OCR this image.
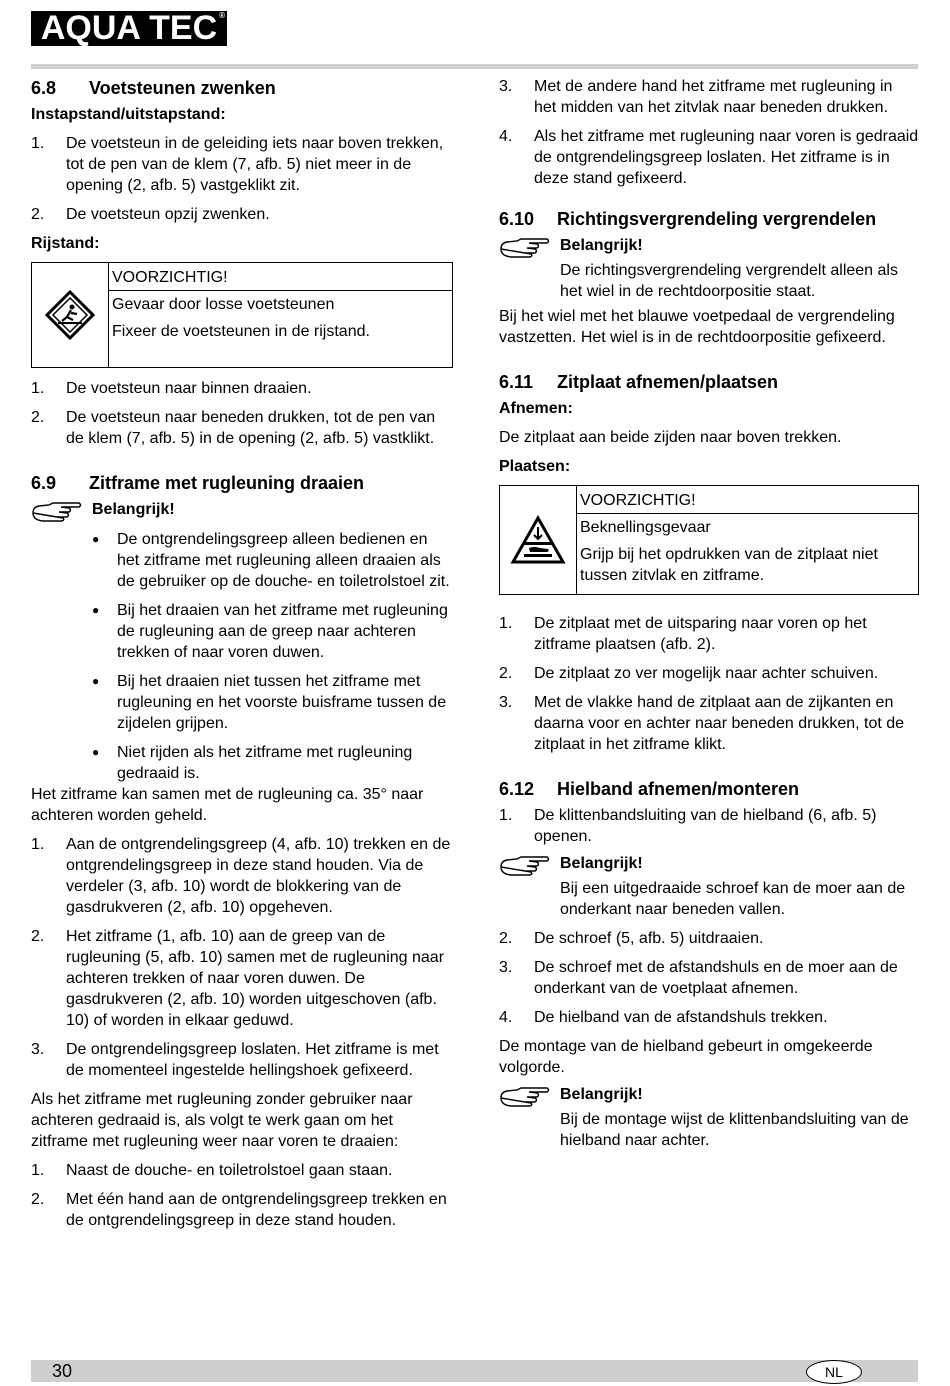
AQUA TEC ®
6.8	Voetsteunen zwenken

Instapstand/uitstapstand:

1.	De voetsteun in de geleiding iets naar boven trekken, tot de pen van de klem (7, afb. 5) niet meer in de opening (2, afb. 5) vastgeklikt zit.
2.	De voetsteun opzij zwenken.

Rijstand:

VOORZICHTIG!
Gevaar door losse voetsteunen
Fixeer de voetsteunen in de rijstand.
1.	De voetsteun naar binnen draaien.
2.	De voetsteun naar beneden drukken, tot de pen van de klem (7, afb. 5) in de opening (2, afb. 5) vastklikt.
6.9	Zitframe met rugleuning draaien
Belangrijk!
●	De ontgrendelingsgreep alleen bedienen en het zitframe met rugleuning alleen draaien als de gebruiker op de douche- en toiletrolstoel zit.
●	Bij het draaien van het zitframe met rugleuning de rugleuning aan de greep naar achteren trekken of naar voren duwen.
●	Bij het draaien niet tussen het zitframe met rugleuning en het voorste buisframe tussen de zijdelen grijpen.
●	Niet rijden als het zitframe met rugleuning gedraaid is.

Het zitframe kan samen met de rugleuning ca. 35° naar achteren worden geheld.

1.	Aan de ontgrendelingsgreep (4, afb. 10) trekken en de ontgrendelingsgreep in deze stand houden. Via de verdeler (3, afb. 10) wordt de blokkering van de gasdrukveren (2, afb. 10) opgeheven.
2.	Het zitframe (1, afb. 10) aan de greep van de rugleuning (5, afb. 10) samen met de rugleuning naar achteren trekken of naar voren duwen. De gasdrukveren (2, afb. 10) worden uitgeschoven (afb. 10) of worden in elkaar geduwd.
3.	De ontgrendelingsgreep loslaten. Het zitframe is met de momenteel ingestelde hellingshoek gefixeerd.

Als het zitframe met rugleuning zonder gebruiker naar achteren gedraaid is, als volgt te werk gaan om het zitframe met rugleuning weer naar voren te draaien:

1.	Naast de douche- en toiletrolstoel gaan staan.
2.	Met één hand aan de ontgrendelingsgreep trekken en de ontgrendelingsgreep in deze stand houden.
3.	Met de andere hand het zitframe met rugleuning in het midden van het zitvlak naar beneden drukken.
4.	Als het zitframe met rugleuning naar voren is gedraaid de ontgrendelingsgreep loslaten. Het zitframe is in deze stand gefixeerd.
6.10	Richtingsvergrendeling vergrendelen

Belangrijk!

De richtingsvergrendeling vergrendelt alleen als het wiel in de rechtdoorpositie staat.

Bij het wiel met het blauwe voetpedaal de vergrendeling vastzetten. Het wiel is in de rechtdoorpositie gefixeerd.

6.11	Zitplaat afnemen/plaatsen

Afnemen:

De zitplaat aan beide zijden naar boven trekken.

Plaatsen:

VOORZICHTIG!
Beknellingsgevaar
Grijp bij het opdrukken van de zitplaat niet tussen zitvlak en zitframe.
1.	De zitplaat met de uitsparing naar voren op het zitframe plaatsen (afb. 2).
2.	De zitplaat zo ver mogelijk naar achter schuiven.
3.	Met de vlakke hand de zitplaat aan de zijkanten en daarna voor en achter naar beneden drukken, tot de zitplaat in het zitframe klikt.
6.12	Hielband afnemen/monteren
1.	De klittenbandsluiting van de hielband (6, afb. 5) openen.

Belangrijk!

Bij een uitgedraaide schroef kan de moer aan de onderkant naar beneden vallen.

2.	De schroef (5, afb. 5) uitdraaien.
3.	De schroef met de afstandshuls en de moer aan de onderkant van de voetplaat afnemen.
4.	De hielband van de afstandshuls trekken.

De montage van de hielband gebeurt in omgekeerde volgorde.

Belangrijk!

Bij de montage wijst de klittenbandsluiting van de hielband naar achter.

30	NL
